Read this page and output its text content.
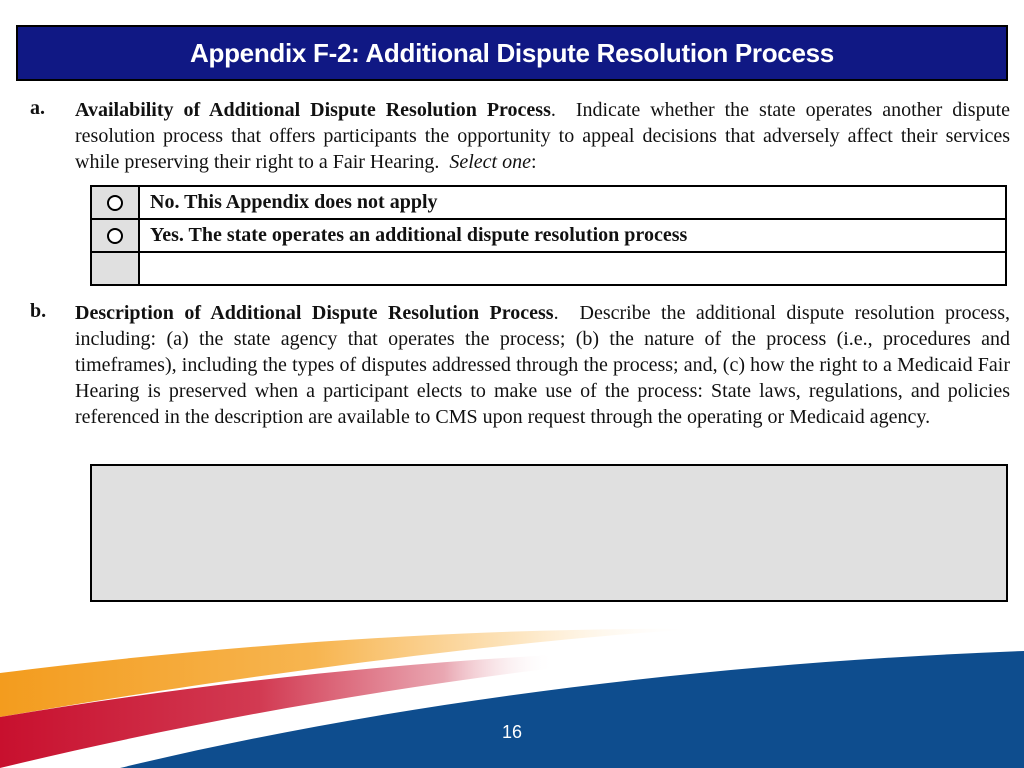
Appendix F-2: Additional Dispute Resolution Process
a. Availability of Additional Dispute Resolution Process. Indicate whether the state operates another dispute resolution process that offers participants the opportunity to appeal decisions that adversely affect their services while preserving their right to a Fair Hearing. Select one:
	No. This Appendix does not apply
	Yes. The state operates an additional dispute resolution process

b. Description of Additional Dispute Resolution Process. Describe the additional dispute resolution process, including: (a) the state agency that operates the process; (b) the nature of the process (i.e., procedures and timeframes), including the types of disputes addressed through the process; and, (c) how the right to a Medicaid Fair Hearing is preserved when a participant elects to make use of the process: State laws, regulations, and policies referenced in the description are available to CMS upon request through the operating or Medicaid agency.
16
